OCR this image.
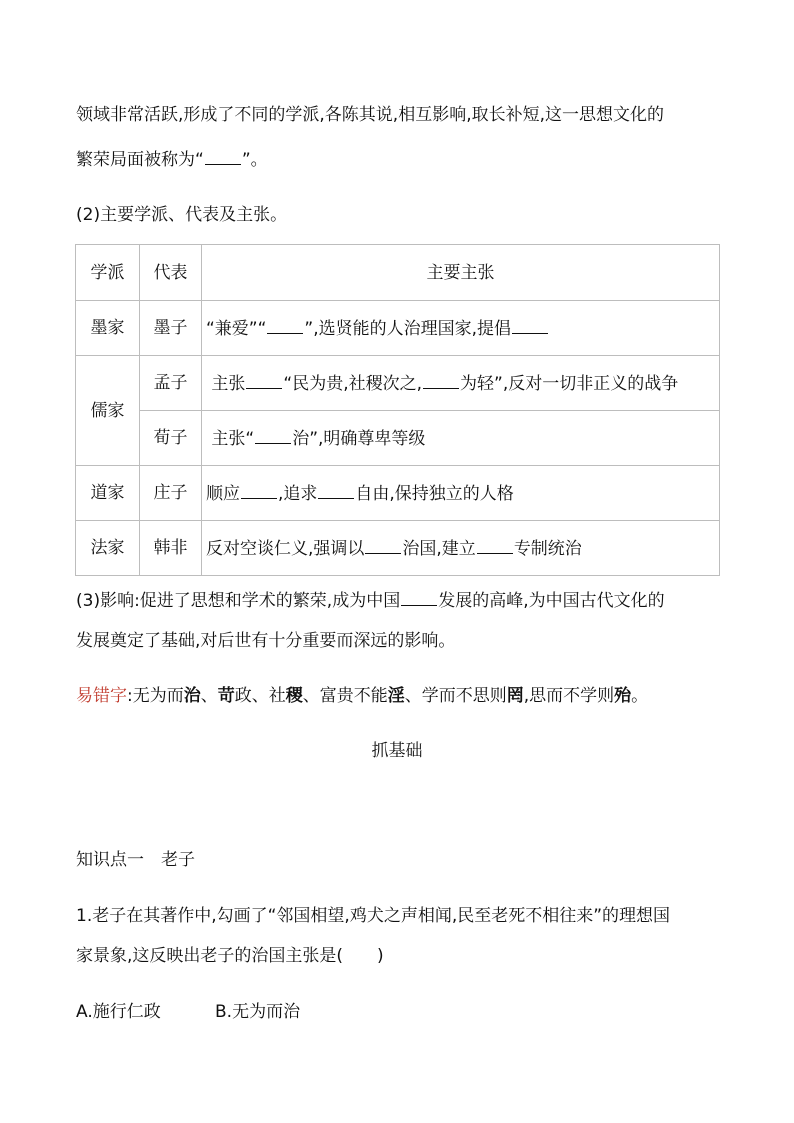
领域非常活跃,形成了不同的学派,各陈其说,相互影响,取长补短,这一思想文化的
繁荣局面被称为“ ”。
(2)主要学派、代表及主张。
学派	代表	主要主张
墨家	墨子	“兼爱”“ ”,选贤能的人治理国家,提倡
儒家	孟子	主张 “民为贵,社稷次之, 为轻”,反对一切非正义的战争
	荀子	主张“ 治”,明确尊卑等级
道家	庄子	顺应 ,追求 自由,保持独立的人格
法家	韩非	反对空谈仁义,强调以 治国,建立 专制统治
(3)影响:促进了思想和学术的繁荣,成为中国 发展的高峰,为中国古代文化的
发展奠定了基础,对后世有十分重要而深远的影响。
易错字:无为而治、苛政、社稷、富贵不能淫、学而不思则罔,思而不学则殆。
抓基础
知识点一　老子
1.老子在其著作中,勾画了“邻国相望,鸡犬之声相闻,民至老死不相往来”的理想国
家景象,这反映出老子的治国主张是(　　)
A.施行仁政	B.无为而治
